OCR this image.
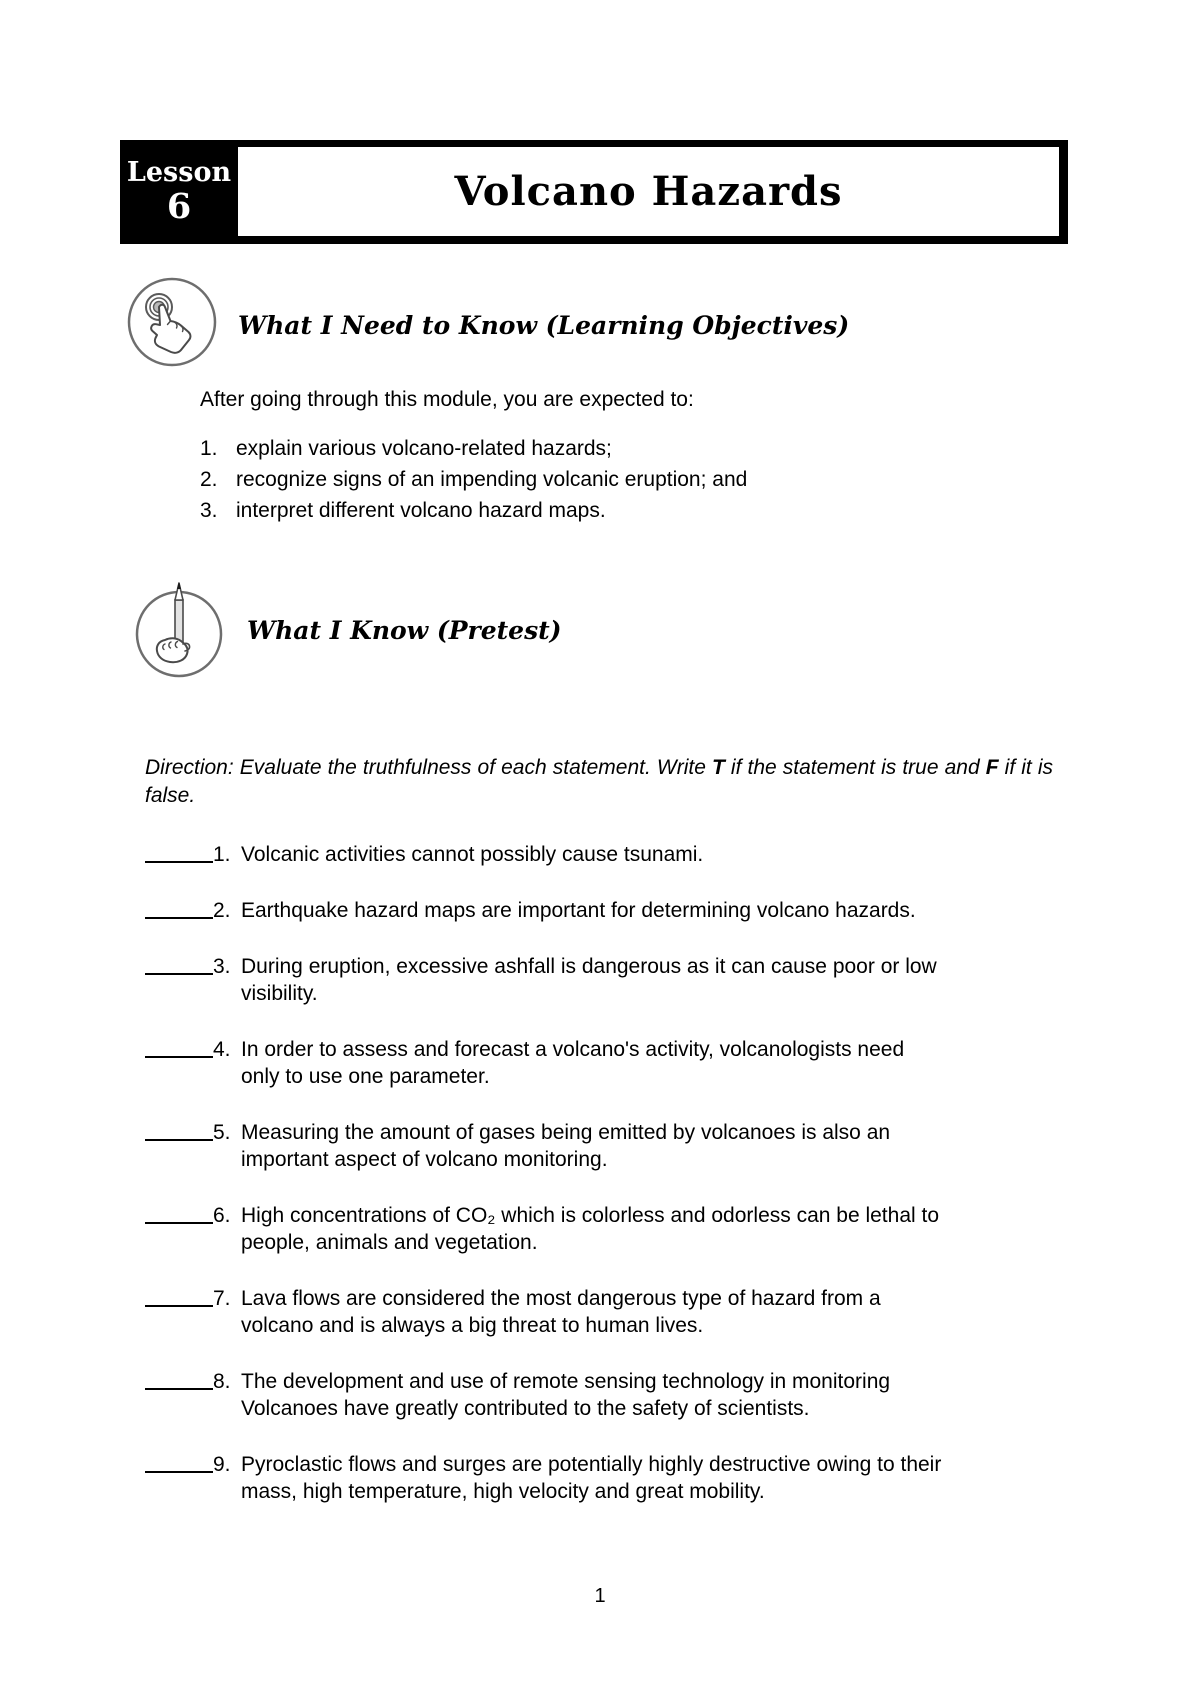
Lesson
6	Volcano Hazards
What I Need to Know (Learning Objectives)
After going through this module, you are expected to:
1. explain various volcano-related hazards;
2. recognize signs of an impending volcanic eruption; and
3. interpret different volcano hazard maps.
What I Know (Pretest)
Direction: Evaluate the truthfulness of each statement. Write T if the statement is true and F if it is false.
1. Volcanic activities cannot possibly cause tsunami.
2. Earthquake hazard maps are important for determining volcano hazards.
3. During eruption, excessive ashfall is dangerous as it can cause poor or low
visibility.
4. In order to assess and forecast a volcano's activity, volcanologists need
only to use one parameter.
5. Measuring the amount of gases being emitted by volcanoes is also an
important aspect of volcano monitoring.
6. High concentrations of CO₂ which is colorless and odorless can be lethal to
people, animals and vegetation.
7. Lava flows are considered the most dangerous type of hazard from a
volcano and is always a big threat to human lives.
8. The development and use of remote sensing technology in monitoring
Volcanoes have greatly contributed to the safety of scientists.
9. Pyroclastic flows and surges are potentially highly destructive owing to their
mass, high temperature, high velocity and great mobility.
1
